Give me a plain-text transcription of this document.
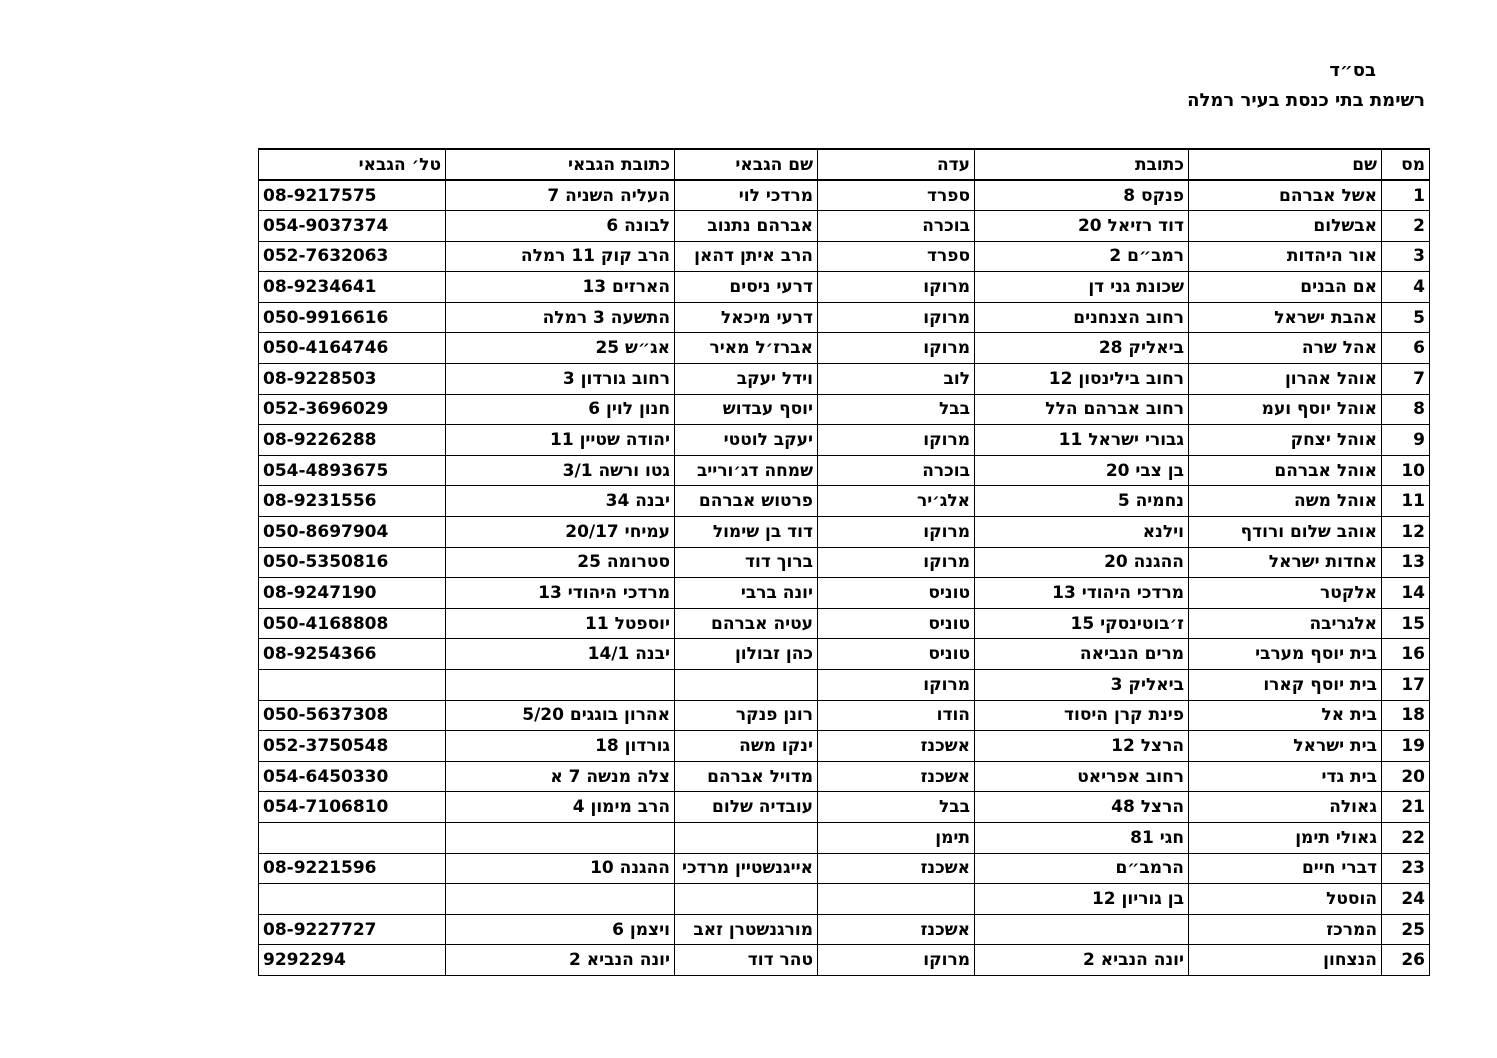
בס״ד
רשימת בתי כנסת בעיר רמלה
מס	שם	כתובת	עדה	שם הגבאי	כתובת הגבאי	טל׳ הגבאי
1	אשל אברהם	פנקס 8	ספרד	מרדכי לוי	העליה השניה 7	08-9217575
2	אבשלום	דוד רזיאל 20	בוכרה	אברהם נתנוב	לבונה 6	054-9037374
3	אור היהדות	רמב״ם 2	ספרד	הרב איתן דהאן	הרב קוק 11 רמלה	052-7632063
4	אם הבנים	שכונת גני דן	מרוקו	דרעי ניסים	הארזים 13	08-9234641
5	אהבת ישראל	רחוב הצנחנים	מרוקו	דרעי מיכאל	התשעה 3 רמלה	050-9916616
6	אהל שרה	ביאליק 28	מרוקו	אברז׳ל מאיר	אג״ש 25	050-4164746
7	אוהל אהרון	רחוב בילינסון 12	לוב	וידל יעקב	רחוב גורדון 3	08-9228503
8	אוהל יוסף ועמ	רחוב אברהם הלל	בבל	יוסף עבדוש	חנון לוין 6	052-3696029
9	אוהל יצחק	גבורי ישראל 11	מרוקו	יעקב לוטטי	יהודה שטיין 11	08-9226288
10	אוהל אברהם	בן צבי 20	בוכרה	שמחה דג׳ורייב	גטו ורשה 3/1	054-4893675
11	אוהל משה	נחמיה 5	אלג׳יר	פרטוש אברהם	יבנה 34	08-9231556
12	אוהב שלום ורודף	וילנא	מרוקו	דוד בן שימול	עמיחי 20/17	050-8697904
13	אחדות ישראל	ההגנה 20	מרוקו	ברוך דוד	סטרומה 25	050-5350816
14	אלקטר	מרדכי היהודי 13	טוניס	יונה ברבי	מרדכי היהודי 13	08-9247190
15	אלגריבה	ז׳בוטינסקי 15	טוניס	עטיה אברהם	יוספטל 11	050-4168808
16	בית יוסף מערבי	מרים הנביאה	טוניס	כהן זבולון	יבנה 14/1	08-9254366
17	בית יוסף קארו	ביאליק 3	מרוקו			
18	בית אל	פינת קרן היסוד	הודו	רונן פנקר	אהרון בוגגים 5/20	050-5637308
19	בית ישראל	הרצל 12	אשכנז	ינקו משה	גורדון 18	052-3750548
20	בית גדי	רחוב אפריאט	אשכנז	מדויל אברהם	צלה מנשה 7 א	054-6450330
21	גאולה	הרצל 48	בבל	עובדיה שלום	הרב מימון 4	054-7106810
22	גאולי תימן	חגי 81	תימן			
23	דברי חיים	הרמב״ם	אשכנז	אייגנשטיין מרדכי	ההגנה 10	08-9221596
24	הוסטל	בן גוריון 12				
25	המרכז		אשכנז	מורגנשטרן זאב	ויצמן 6	08-9227727
26	הנצחון	יונה הנביא 2	מרוקו	טהר דוד	יונה הנביא 2	9292294
